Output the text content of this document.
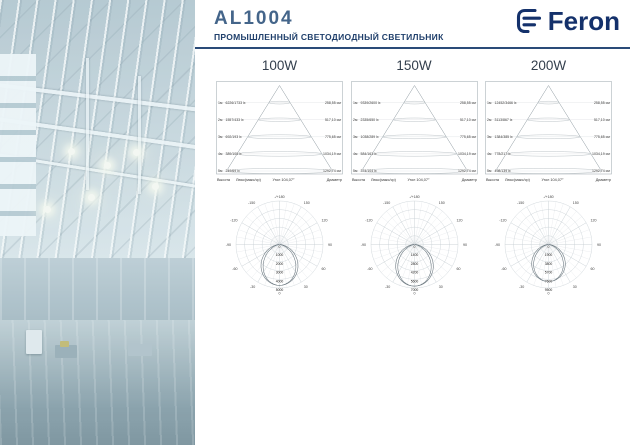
AL1004
ПРОМЫШЛЕННЫЙ СВЕТОДИОДНЫЙ СВЕТИЛЬНИК
Feron
100W
1м 6226/1733 lx	258,55 см
2м 1557/433 lx	517,10 см
3м 692/193 lx	775,65 см
4м 389/108 lx	1034,19 см
5м 249/69 lx	1292,74 см
Высота Люкс(макс/ср)	Угол 104,07°	Диаметр
-150
-120
-90
-60
-30
0
30
60
90
120
150
-/+180
0
1000
2000
3000
4000
5000
150W
1м 9339/2600 lx	258,55 см
2м 2335/650 lx	517,10 см
3м 1038/289 lx	775,65 см
4м 584/163 lx	1034,19 см
5м 374/104 lx	1292,74 см
Высота Люкс(макс/ср)	Угол 104,07°	Диаметр
-150
-120
-90
-60
-30
0
30
60
90
120
150
-/+180
0
1400
2800
4200
5600
7000
200W
1м 12452/3466 lx	258,55 см
2м 3113/867 lx	517,10 см
3м 1384/385 lx	775,65 см
4м 778/217 lx	1034,19 см
5м 498/139 lx	1292,74 см
Высота Люкс(макс/ср)	Угол 104,07°	Диаметр
-150
-120
-90
-60
-30
0
30
60
90
120
150
-/+180
0
1900
3800
5700
7600
9500
